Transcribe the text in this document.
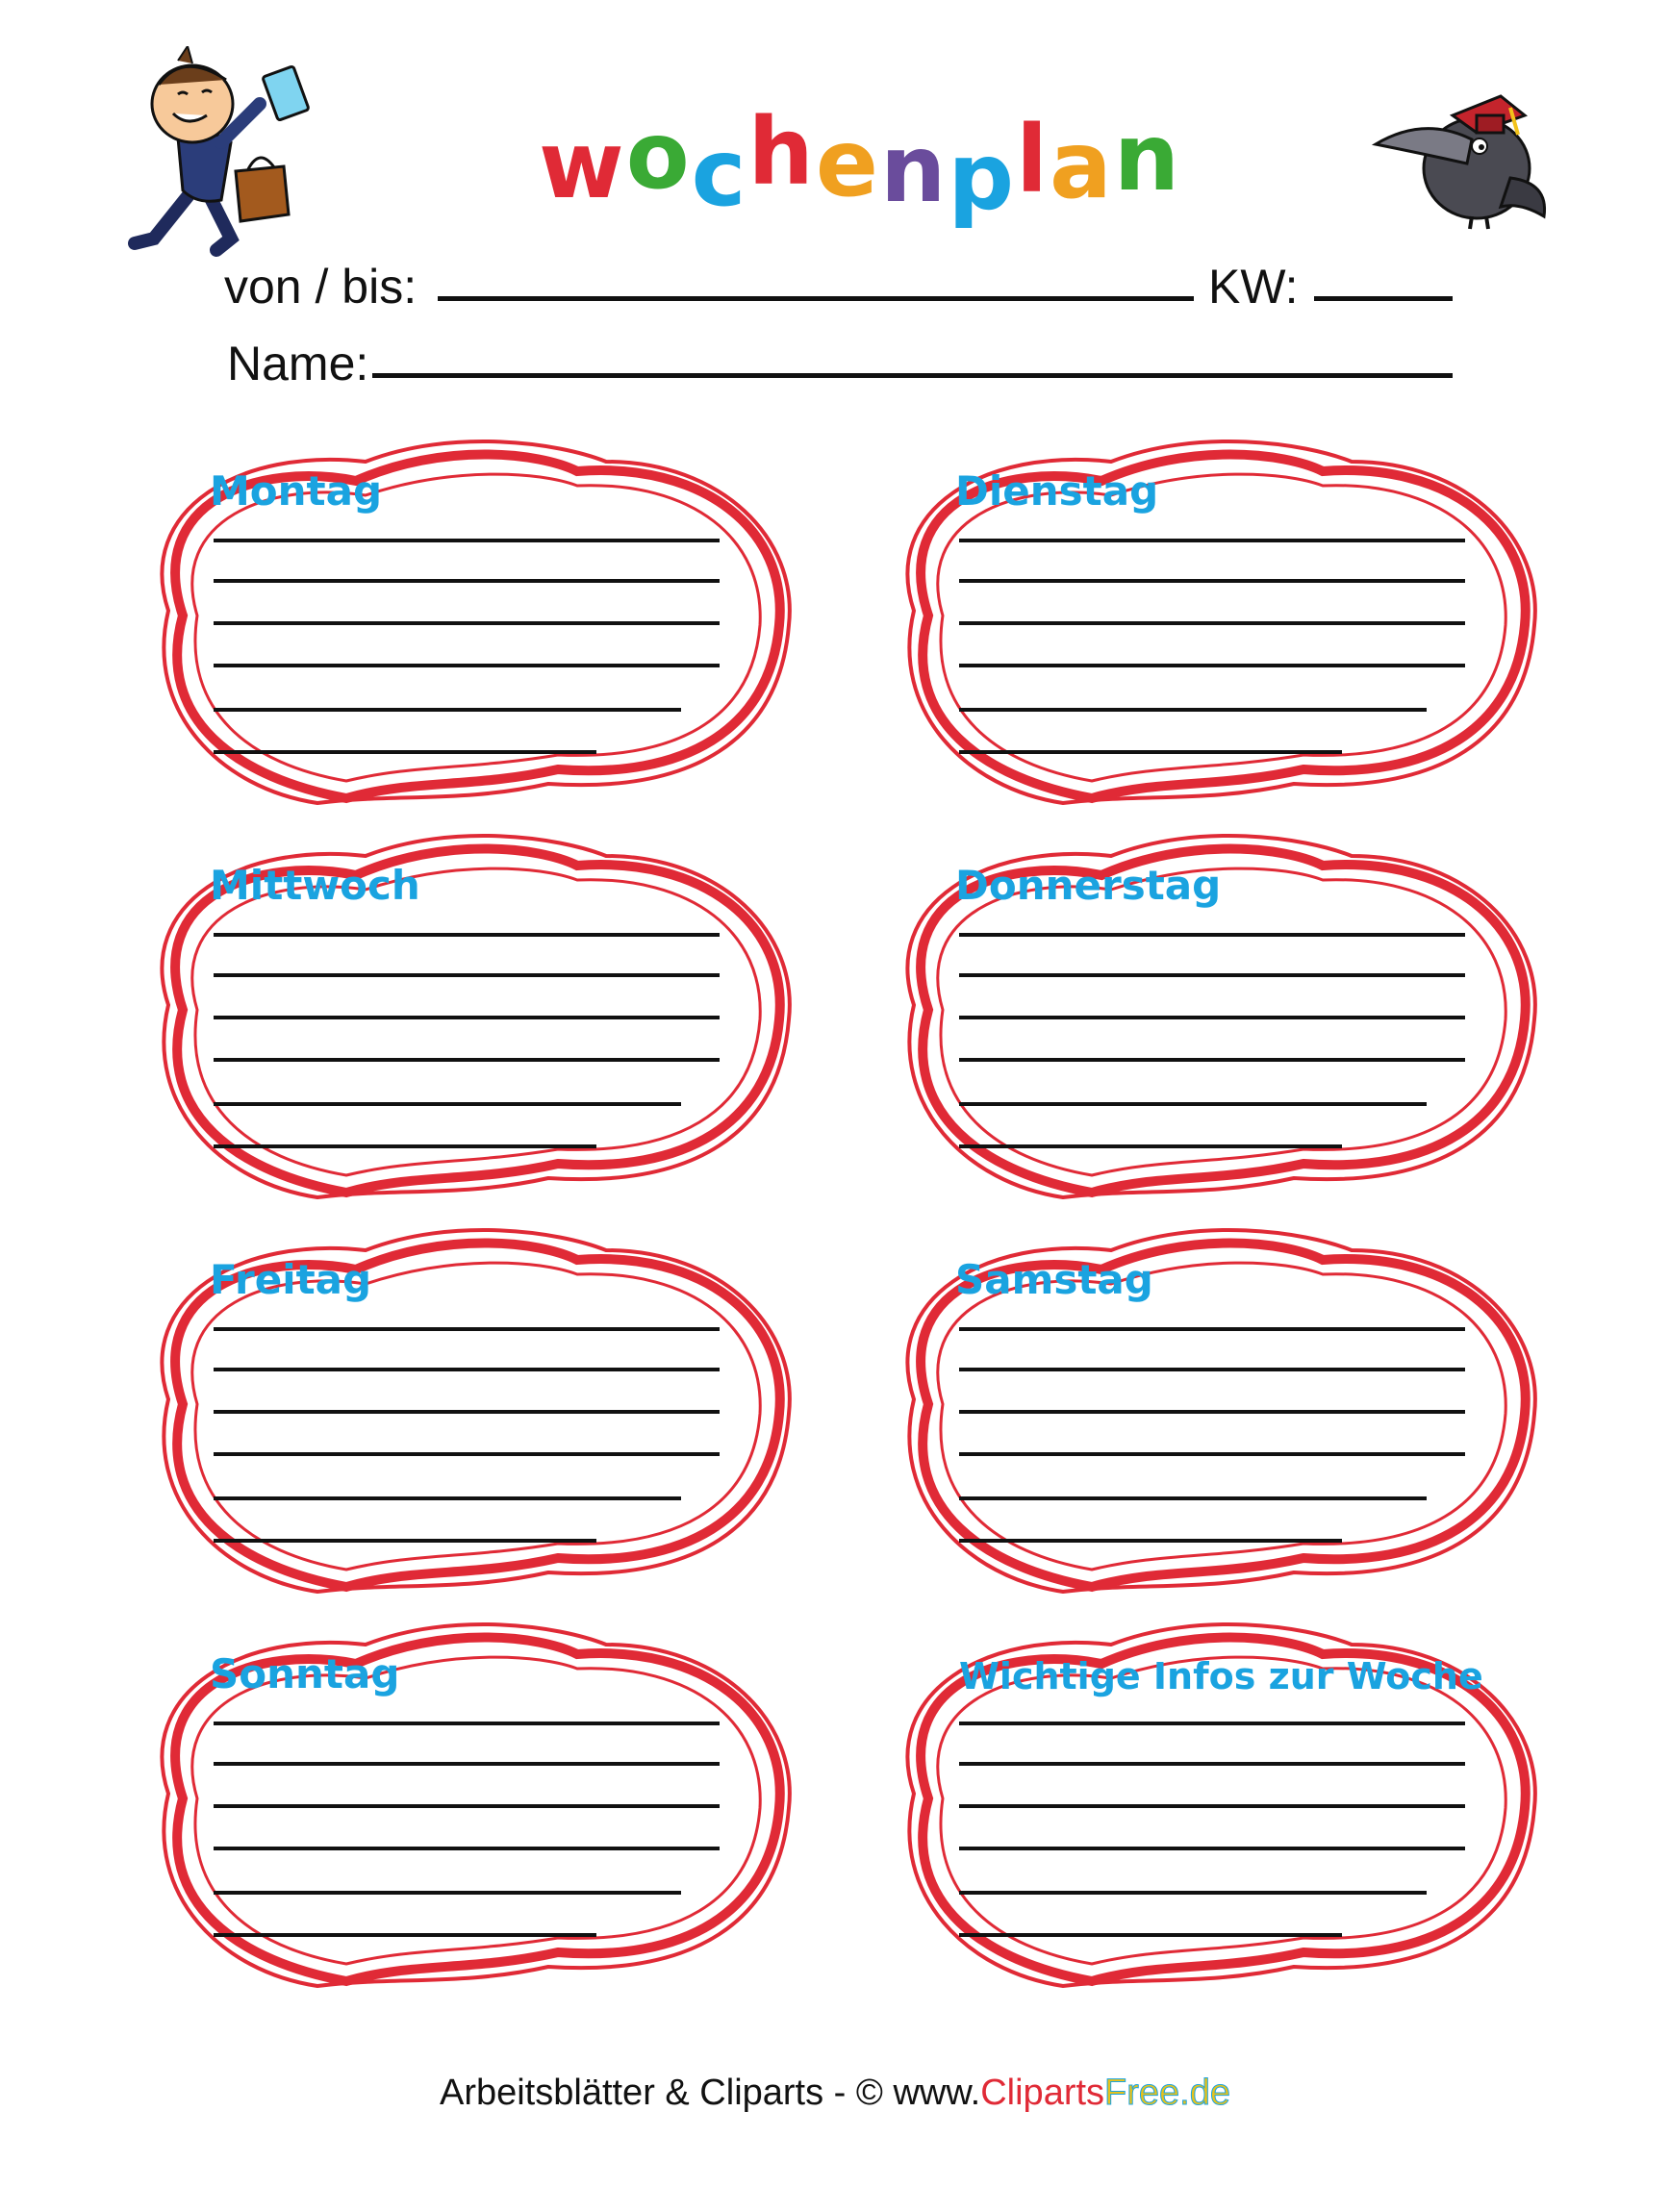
wochenplan
von / bis:	KW:
Name:
Montag	Dienstag
Mittwoch	Donnerstag
Freitag	Samstag
Sonntag	Wichtige Infos zur Woche
Arbeitsblätter & Cliparts - © www.ClipartsFree.de
